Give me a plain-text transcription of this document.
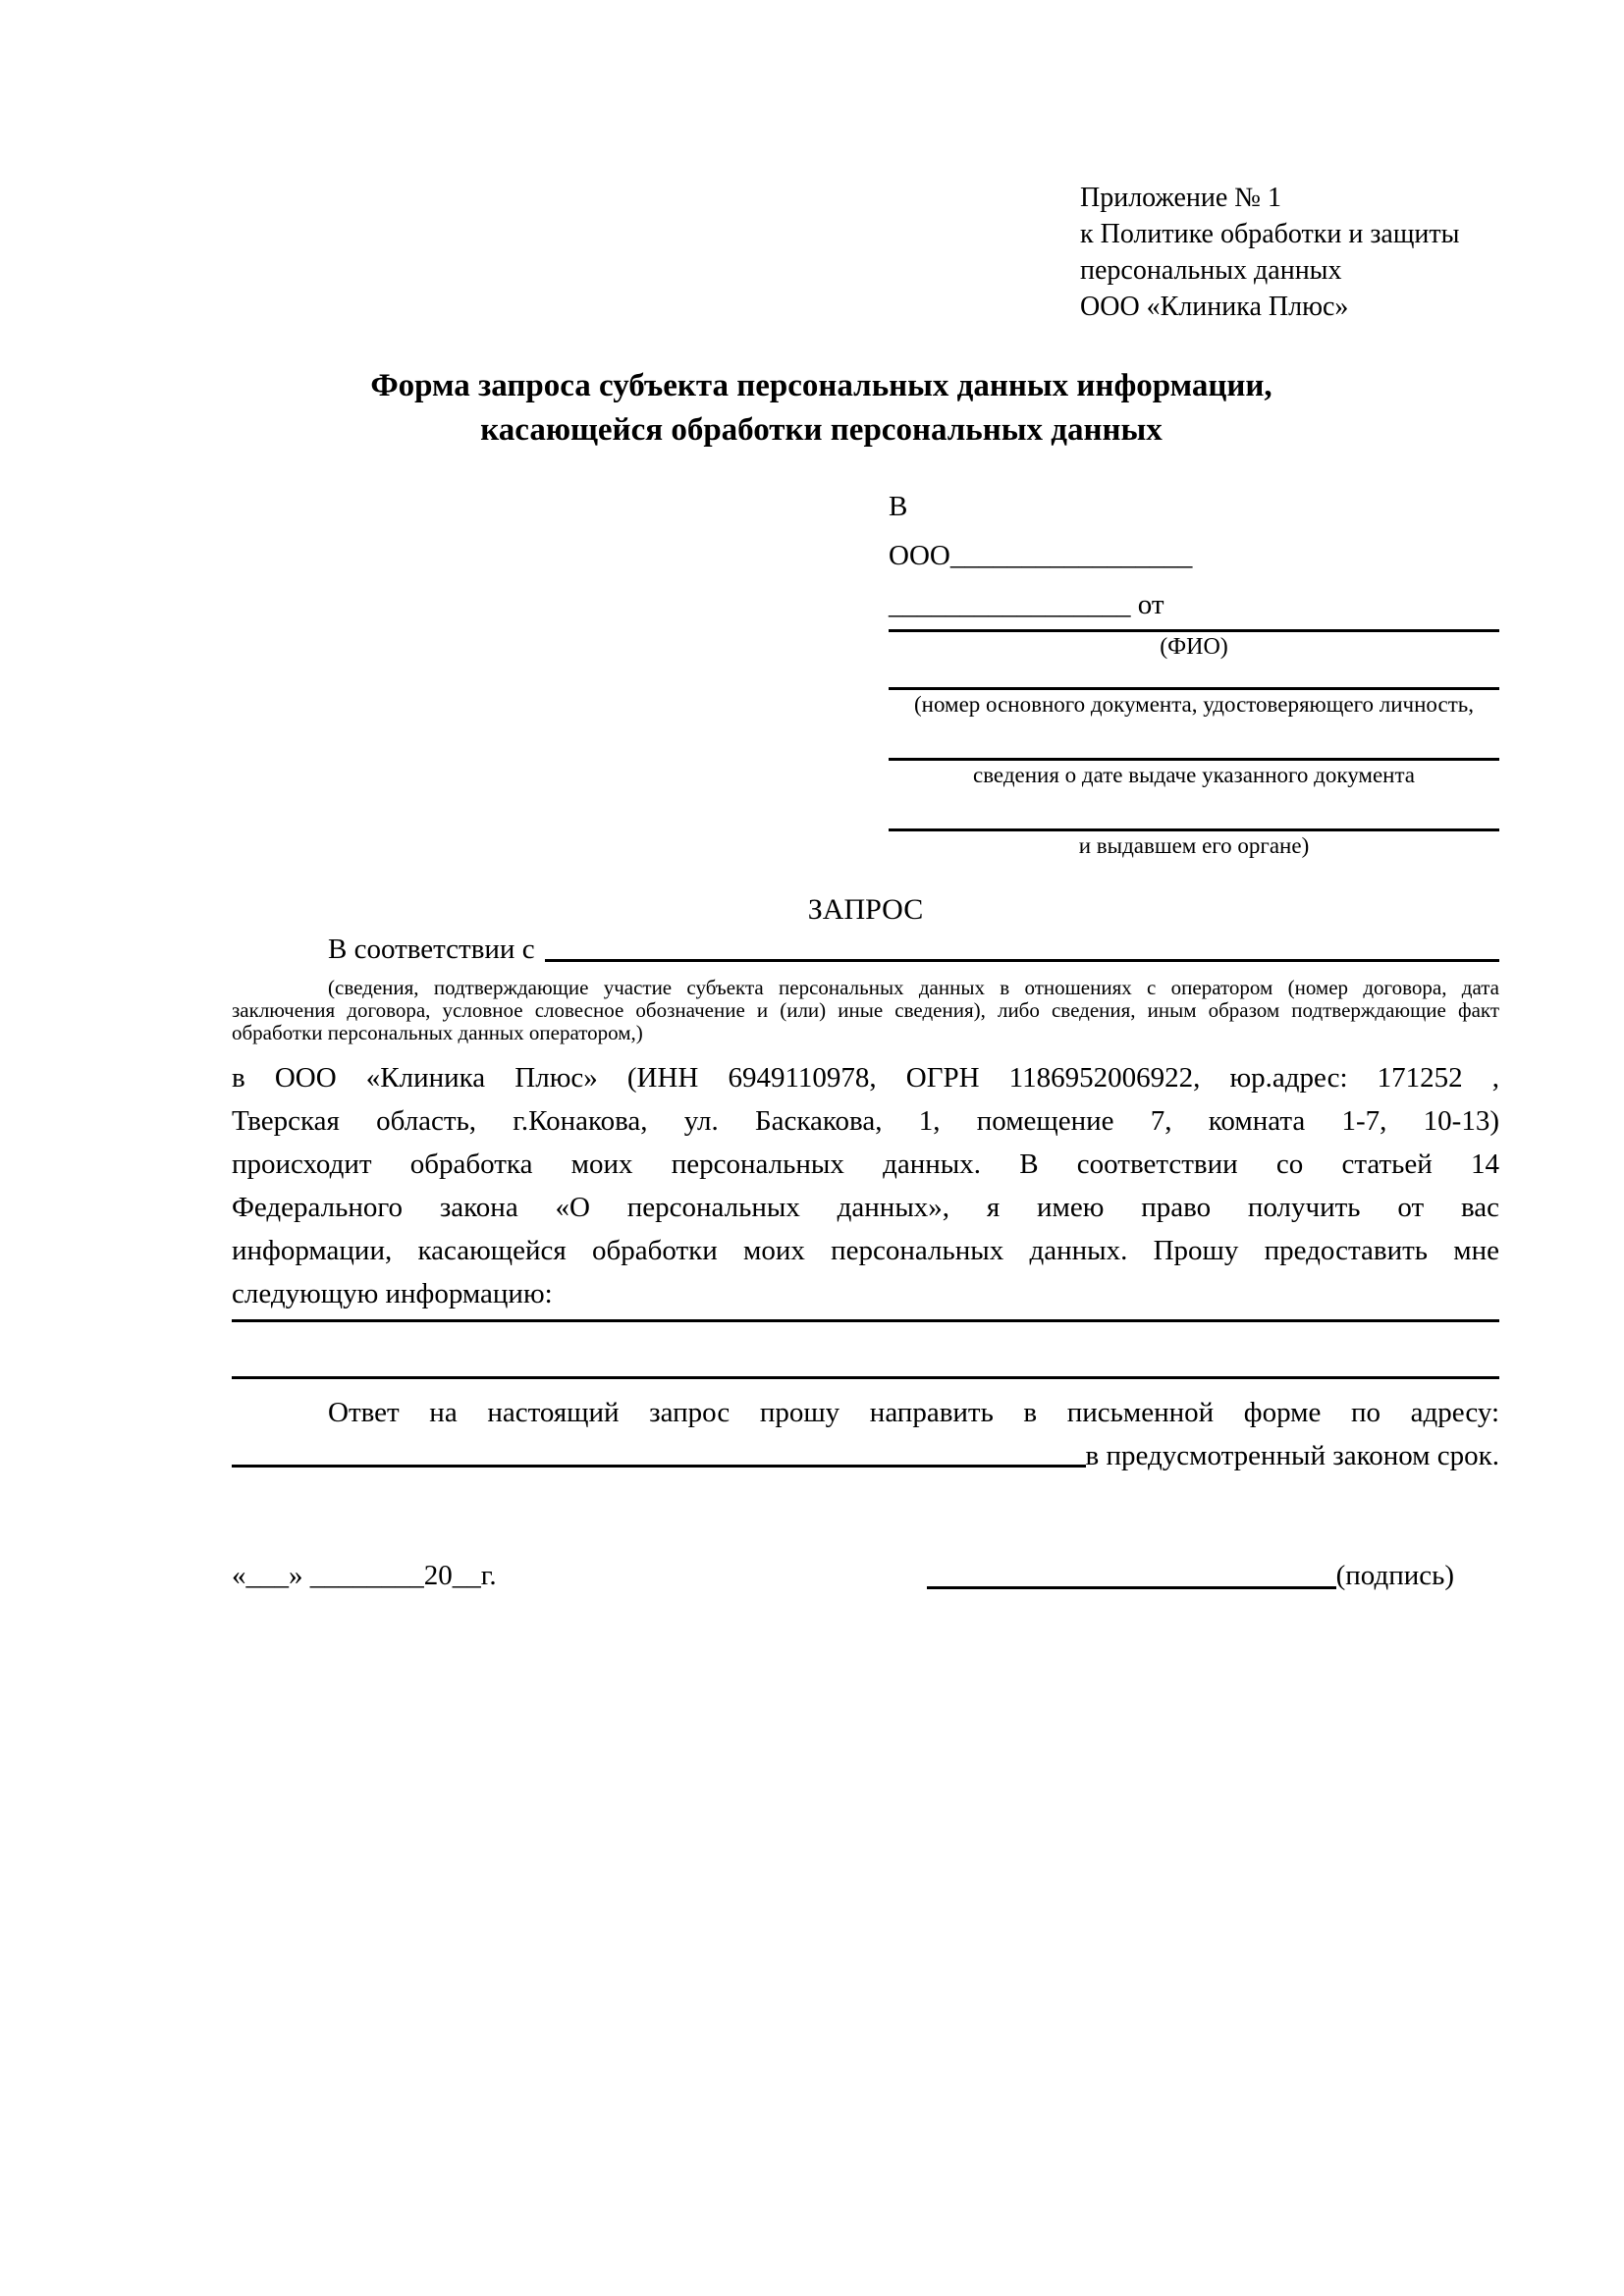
Приложение № 1
к Политике обработки и защиты
персональных данных
ООО «Клиника Плюс»
Форма запроса субъекта персональных данных информации,
касающейся обработки персональных данных
В
ООО_________________
_________________ от
(ФИО)
(номер основного документа, удостоверяющего личность,
сведения о дате выдаче указанного документа
и выдавшем его органе)
ЗАПРОС
В соответствии с
(сведения, подтверждающие участие субъекта персональных данных в отношениях с оператором (номер договора, дата
заключения договора, условное словесное обозначение и (или) иные сведения), либо сведения, иным образом подтверждающие факт
обработки персональных данных оператором,)
в ООО «Клиника Плюс» (ИНН 6949110978, ОГРН 1186952006922, юр.адрес: 171252 ,
Тверская область, г.Конакова, ул. Баскакова, 1, помещение 7, комната 1-7, 10-13)
происходит обработка моих персональных данных. В соответствии со статьей 14
Федерального закона «О персональных данных», я имею право получить от вас
информации, касающейся обработки моих персональных данных. Прошу предоставить мне
следующую информацию:
Ответ на настоящий запрос прошу направить в письменной форме по адресу:
в предусмотренный законом срок.
«___» ________20__г.	(подпись)
